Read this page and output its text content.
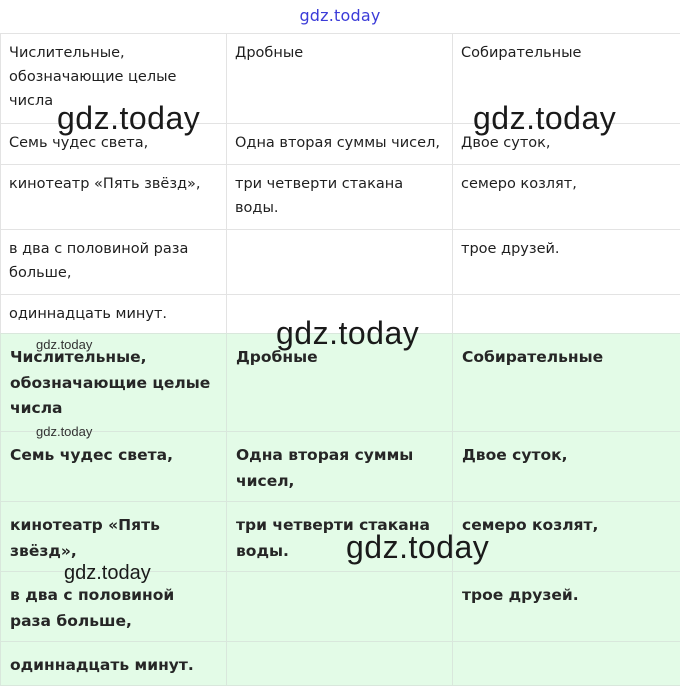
gdz.today
Числительные, обозначающие целые числа	Дробные	Собирательные
Семь чудес света,	Одна вторая суммы чисел,	Двое суток,
кинотеатр «Пять звёзд»,	три четверти стакана воды.	семеро козлят,
в два с половиной раза больше,		трое друзей.
одиннадцать минут.		
Числительные, обозначающие целые числа	Дробные	Собирательные
Семь чудес света,	Одна вторая суммы чисел,	Двое суток,
кинотеатр «Пять звёзд»,	три четверти стакана воды.	семеро козлят,
в два с половиной раза больше,		трое друзей.
одиннадцать минут.		
gdz.today	gdz.today
gdz.today
gdz.today
gdz.today
gdz.today
gdz.today
